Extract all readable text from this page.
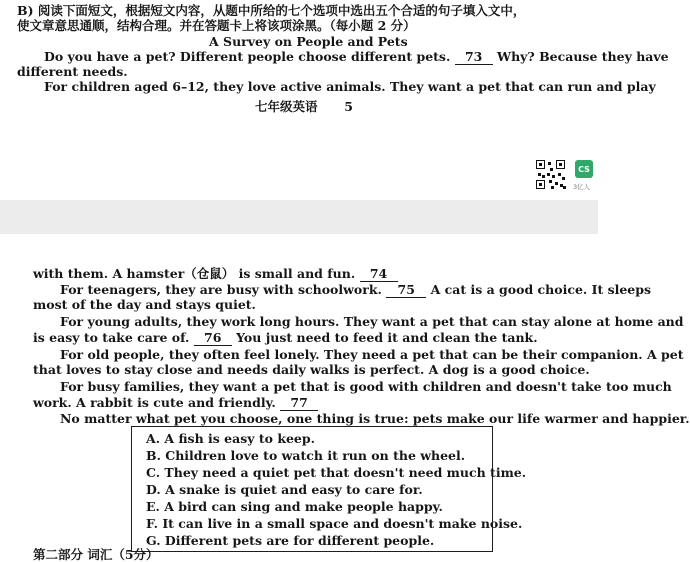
B) 阅读下面短文，根据短文内容，从题中所给的七个选项中选出五个合适的句子填入文中，
使文章意思通顺，结构合理。并在答题卡上将该项涂黑。（每小题 2 分）
A Survey on People and Pets
Do you have a pet? Different people choose different pets. 73 Why? Because they have
different needs.
For children aged 6–12, they love active animals. They want a pet that can run and play
七年级英语 5
CS
3亿人
with them. A hamster（仓鼠） is small and fun. 74
For teenagers, they are busy with schoolwork. 75 A cat is a good choice. It sleeps
most of the day and stays quiet.
For young adults, they work long hours. They want a pet that can stay alone at home and
is easy to take care of. 76 You just need to feed it and clean the tank.
For old people, they often feel lonely. They need a pet that can be their companion. A pet
that loves to stay close and needs daily walks is perfect. A dog is a good choice.
For busy families, they want a pet that is good with children and doesn't take too much
work. A rabbit is cute and friendly. 77
No matter what pet you choose, one thing is true: pets make our life warmer and happier.
A. A fish is easy to keep.
B. Children love to watch it run on the wheel.
C. They need a quiet pet that doesn't need much time.
D. A snake is quiet and easy to care for.
E. A bird can sing and make people happy.
F. It can live in a small space and doesn't make noise.
G. Different pets are for different people.
第二部分 词汇（5分）
